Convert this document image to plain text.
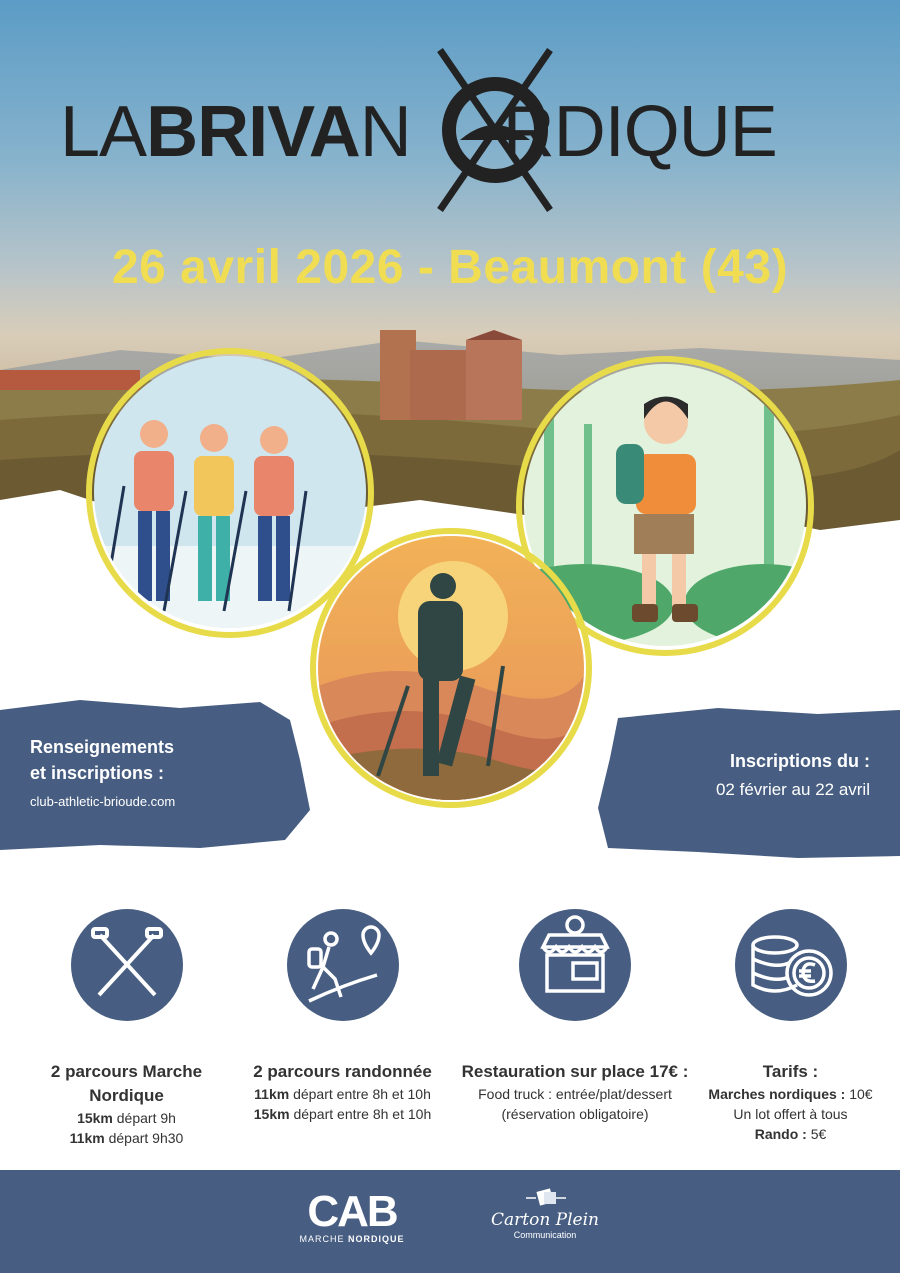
LABRIVAN RDIQUE
26 avril 2026 - Beaumont (43)
Renseignements
et inscriptions :
club-athletic-brioude.com
Inscriptions du :
02 février au 22 avril
2 parcours Marche Nordique
15km départ 9h
11km départ 9h30
2 parcours randonnée
11km départ entre 8h et 10h
15km départ entre 8h et 10h
Restauration sur place 17€ :
Food truck : entrée/plat/dessert
(réservation obligatoire)
Tarifs :
Marches nordiques : 10€
Un lot offert à tous
Rando : 5€
CAB
MARCHE NORDIQUE
Carton Plein
Communication
